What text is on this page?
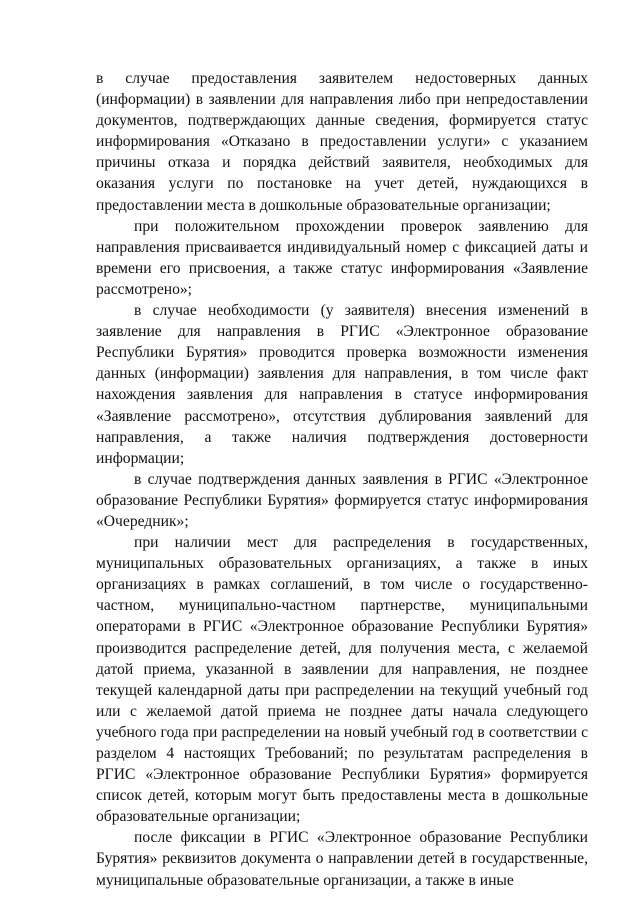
в случае предоставления заявителем недостоверных данных (информации) в заявлении для направления либо при непредоставлении документов, подтверждающих данные сведения, формируется статус информирования «Отказано в предоставлении услуги» с указанием причины отказа и порядка действий заявителя, необходимых для оказания услуги по постановке на учет детей, нуждающихся в предоставлении места в дошкольные образовательные организации;

при положительном прохождении проверок заявлению для направления присваивается индивидуальный номер с фиксацией даты и времени его присвоения, а также статус информирования «Заявление рассмотрено»;

в случае необходимости (у заявителя) внесения изменений в заявление для направления в РГИС «Электронное образование Республики Бурятия» проводится проверка возможности изменения данных (информации) заявления для направления, в том числе факт нахождения заявления для направления в статусе информирования «Заявление рассмотрено», отсутствия дублирования заявлений для направления, а также наличия подтверждения достоверности информации;

в случае подтверждения данных заявления в РГИС «Электронное образование Республики Бурятия» формируется статус информирования «Очередник»;

при наличии мест для распределения в государственных, муниципальных образовательных организациях, а также в иных организациях в рамках соглашений, в том числе о государственно-частном, муниципально-частном партнерстве, муниципальными операторами в РГИС «Электронное образование Республики Бурятия» производится распределение детей, для получения места, с желаемой датой приема, указанной в заявлении для направления, не позднее текущей календарной даты при распределении на текущий учебный год или с желаемой датой приема не позднее даты начала следующего учебного года при распределении на новый учебный год в соответствии с разделом 4 настоящих Требований; по результатам распределения в РГИС «Электронное образование Республики Бурятия» формируется список детей, которым могут быть предоставлены места в дошкольные образовательные организации;

после фиксации в РГИС «Электронное образование Республики Бурятия» реквизитов документа о направлении детей в государственные, муниципальные образовательные организации, а также в иные
